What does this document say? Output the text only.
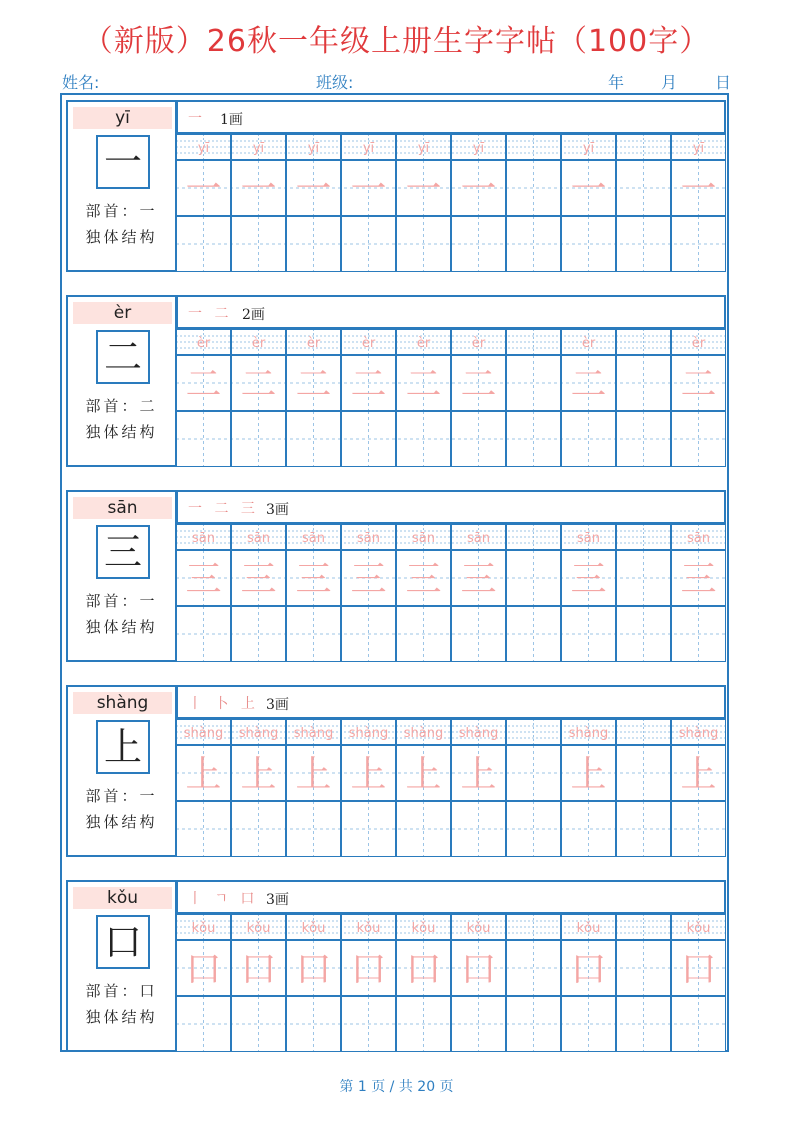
（新版）26秋一年级上册生字字帖（100字）
姓名:	班级:	年 月 日
yī
一
部首：一
独体结构
一 1画
yī
一
yī
一
yī
一
yī
一
yī
一
yī
一
yī
一
yī
一
èr
二
部首：二
独体结构
一 二 2画
èr
二
èr
二
èr
二
èr
二
èr
二
èr
二
èr
二
èr
二
sān
三
部首：一
独体结构
一 二 三 3画
sān
三
sān
三
sān
三
sān
三
sān
三
sān
三
sān
三
sān
三
shàng
上
部首：一
独体结构
丨 卜 上 3画
shàng
上
shàng
上
shàng
上
shàng
上
shàng
上
shàng
上
shàng
上
shàng
上
kǒu
口
部首：口
独体结构
丨 ㄱ 口 3画
kǒu
口
kǒu
口
kǒu
口
kǒu
口
kǒu
口
kǒu
口
kǒu
口
kǒu
口
第 1 页 / 共 20 页
